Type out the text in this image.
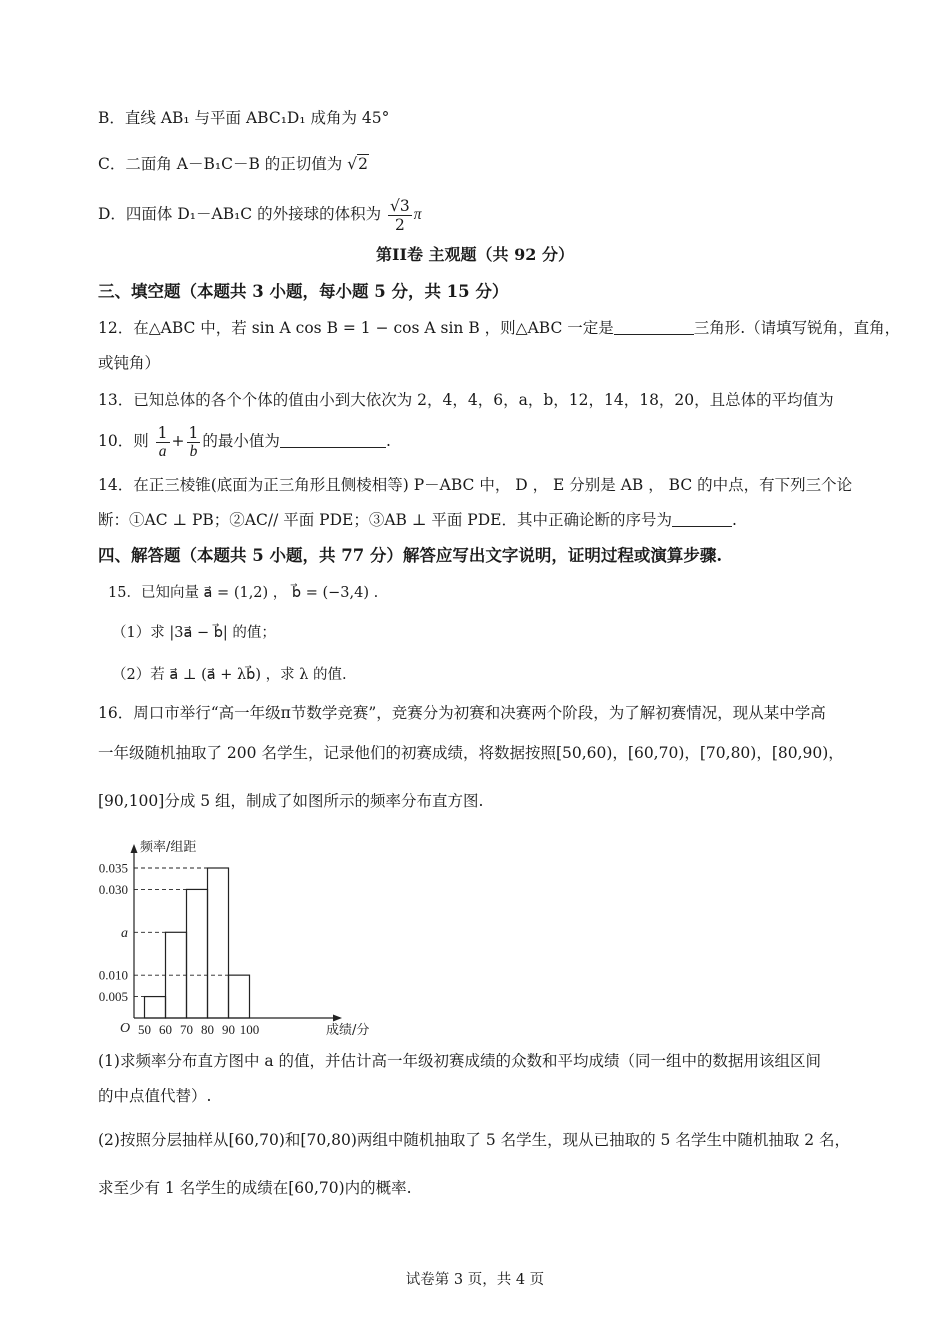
B．直线 AB₁ 与平面 ABC₁D₁ 成角为 45°
C．二面角 A－B₁C－B 的正切值为 √2
D．四面体 D₁－AB₁C 的外接球的体积为 $\frac{√3}{2}$ π
第II卷 主观题（共 92 分）
三、填空题（本题共 3 小题，每小题 5 分，共 15 分）
12．在△ABC 中，若 sin A cos B = 1 − cos A sin B ，则△ABC 一定是	三角形.（请填写锐角，直角，
或钝角）
13．已知总体的各个个体的值由小到大依次为 2，4，4，6，a，b，12，14，18，20，且总体的平均值为
10．则 $\frac{1}{a} + \frac{1}{b}$ 的最小值为	.
14．在正三棱锥(底面为正三角形且侧棱相等) P－ABC 中， D ， E 分别是 AB ， BC 的中点，有下列三个论
断：①AC ⊥ PB；②AC// 平面 PDE；③AB ⊥ 平面 PDE．其中正确论断的序号为	.
四、解答题（本题共 5 小题，共 77 分）解答应写出文字说明，证明过程或演算步骤.
15．已知向量 a⃗ = (1,2) ， b⃗ = (−3,4) .
（1）求 |3a⃗ − b⃗| 的值；
（2）若 a⃗ ⊥ (a⃗ + λb⃗) ，求 λ 的值.
16．周口市举行“高一年级π节数学竞赛”，竞赛分为初赛和决赛两个阶段，为了解初赛情况，现从某中学高
一年级随机抽取了 200 名学生，记录他们的初赛成绩，将数据按照[50,60)，[60,70)，[70,80)，[80,90)，
[90,100]分成 5 组，制成了如图所示的频率分布直方图.
频率/组距
成绩/分
O
0.005
0.010
a
0.030
0.035
50 60 70 80 90 100
(1)求频率分布直方图中 a 的值，并估计高一年级初赛成绩的众数和平均成绩（同一组中的数据用该组区间
的中点值代替）.
(2)按照分层抽样从[60,70)和[70,80)两组中随机抽取了 5 名学生，现从已抽取的 5 名学生中随机抽取 2 名，
求至少有 1 名学生的成绩在[60,70)内的概率.
试卷第 3 页，共 4 页
